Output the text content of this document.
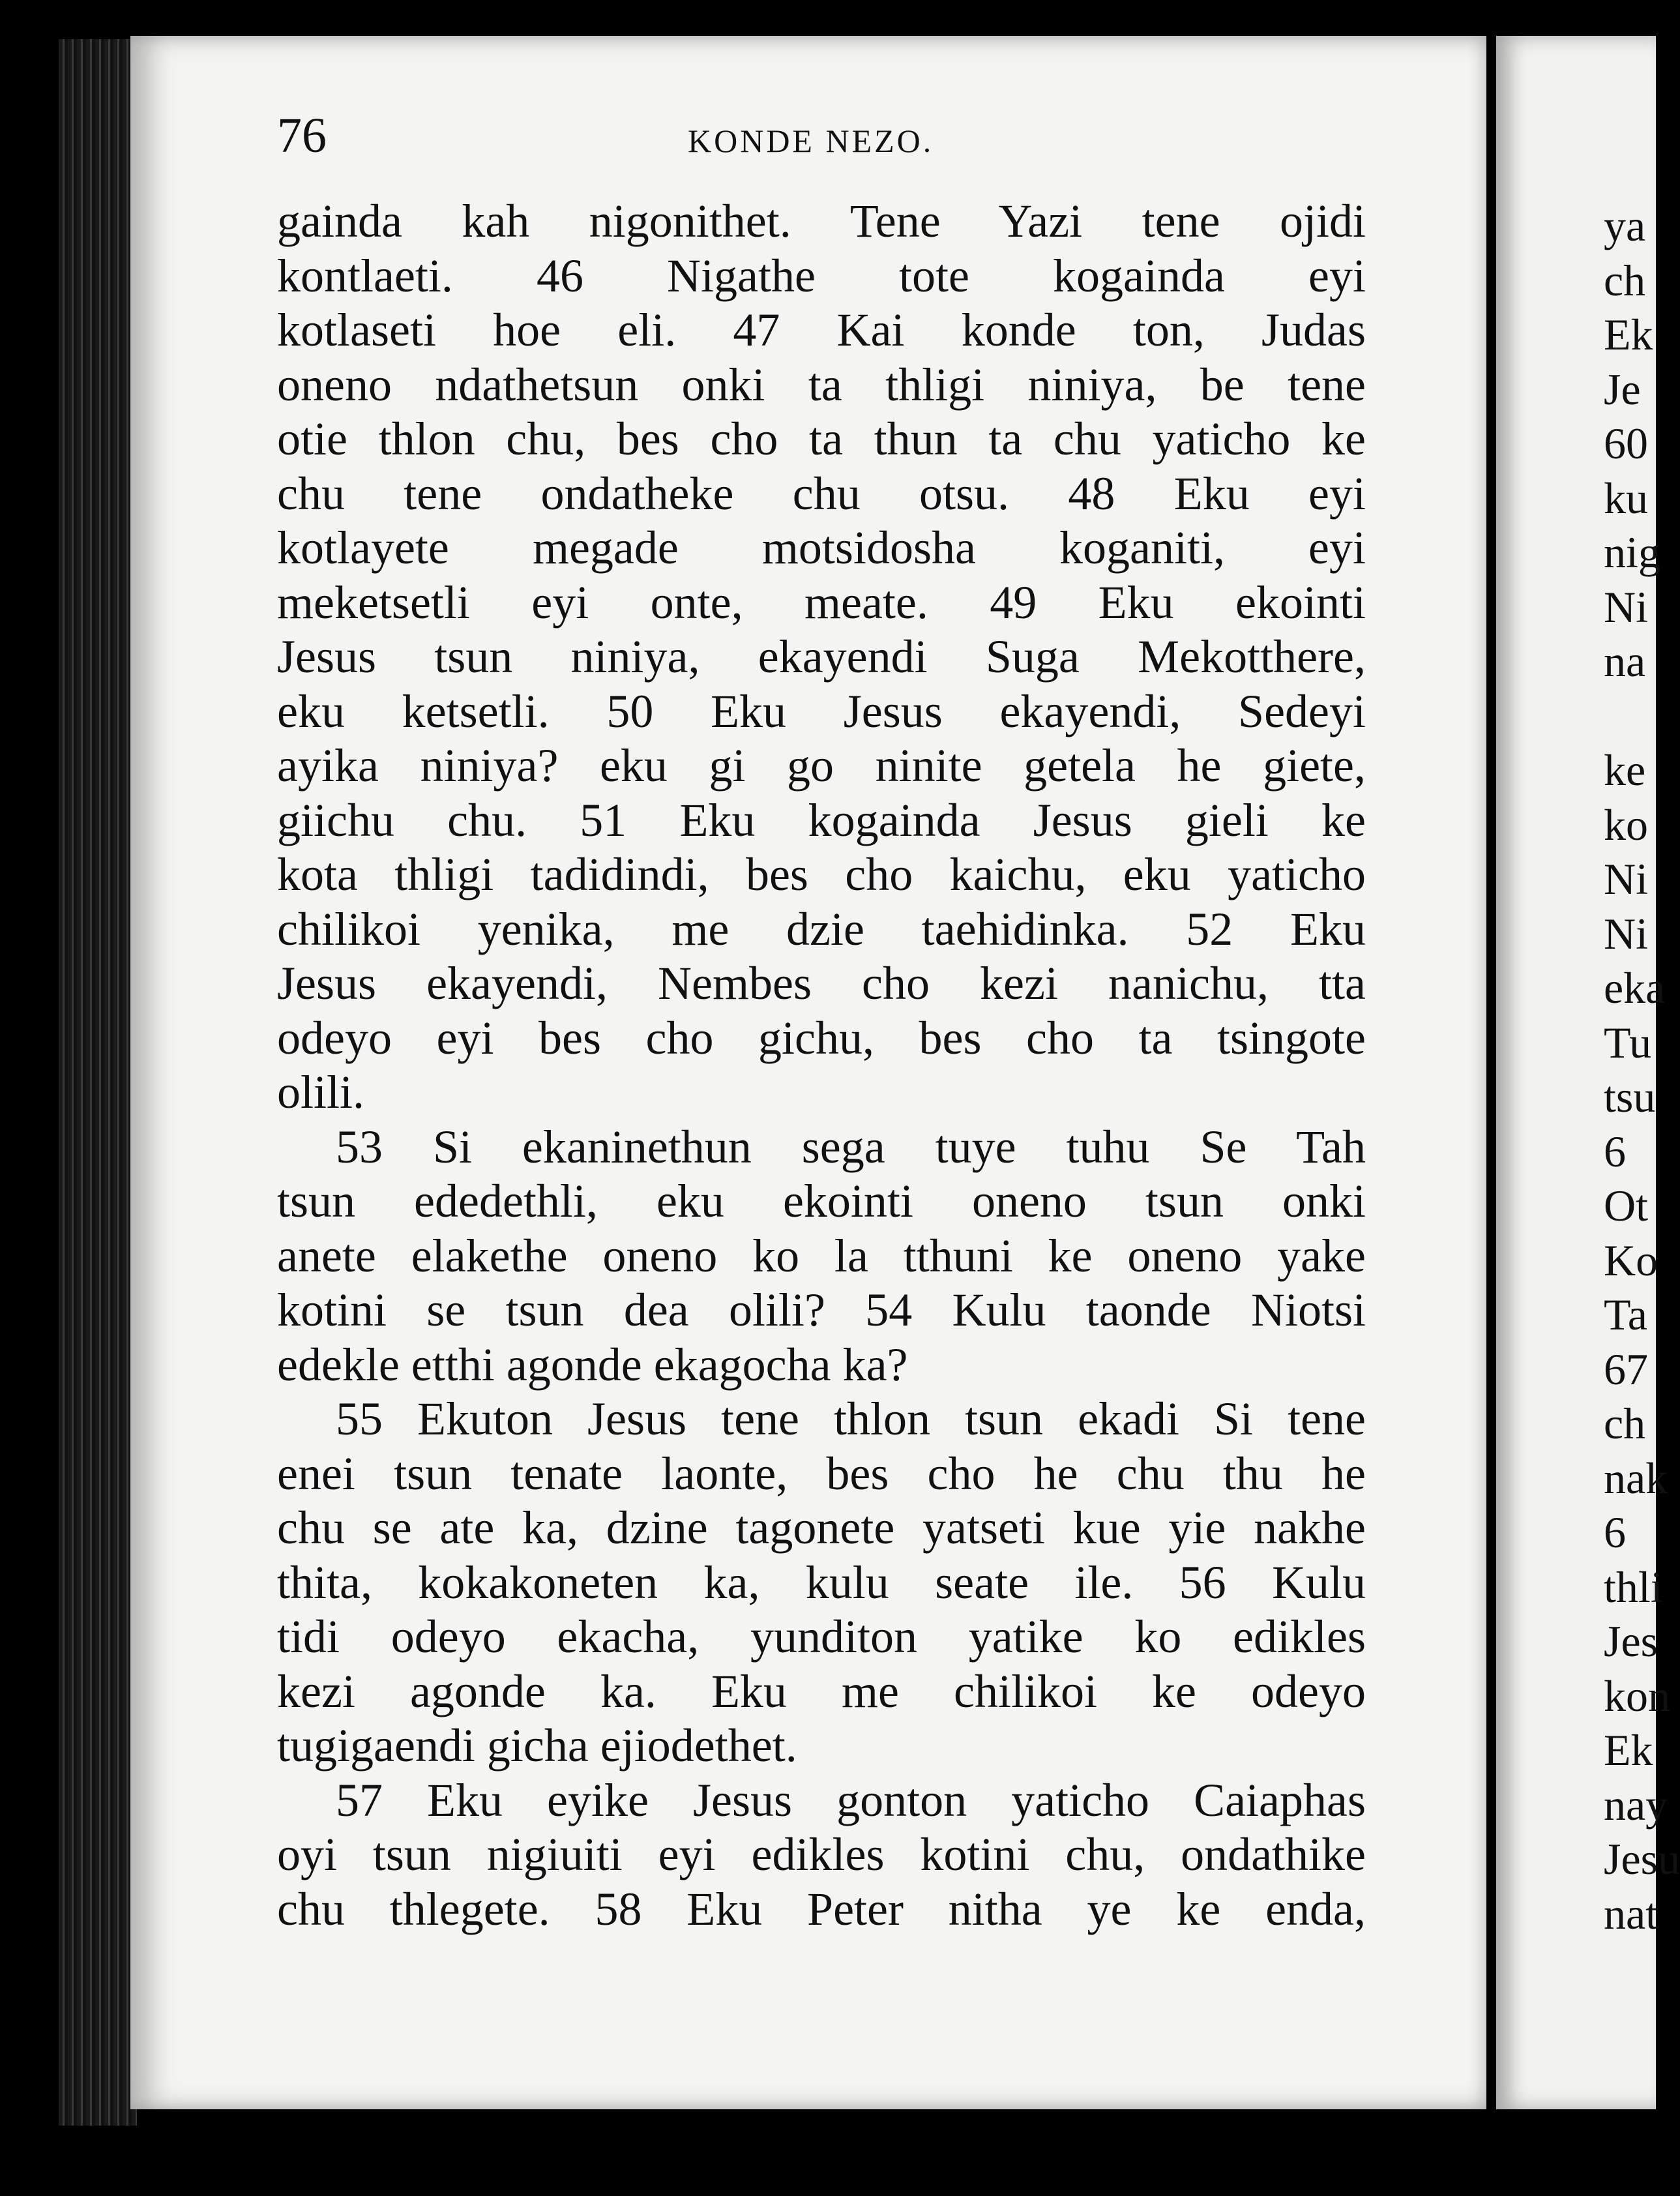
76	KONDE NEZO.
gainda kah nigonithet. Tene Yazi tene ojidi
kontlaeti. 46 Nigathe tote kogainda eyi
kotlaseti hoe eli. 47 Kai konde ton, Judas
oneno ndathetsun onki ta thligi niniya, be tene
otie thlon chu, bes cho ta thun ta chu yaticho ke
chu tene ondatheke chu otsu. 48 Eku eyi
kotlayete megade motsidosha koganiti, eyi
meketsetli eyi onte, meate. 49 Eku ekointi
Jesus tsun niniya, ekayendi Suga Mekotthere,
eku ketsetli. 50 Eku Jesus ekayendi, Sedeyi
ayika niniya? eku gi go ninite getela he giete,
giichu chu. 51 Eku kogainda Jesus gieli ke
kota thligi tadidindi, bes cho kaichu, eku yaticho
chilikoi yenika, me dzie taehidinka. 52 Eku
Jesus ekayendi, Nembes cho kezi nanichu, tta
odeyo eyi bes cho gichu, bes cho ta tsingote
olili.
53 Si ekaninethun sega tuye tuhu Se Tah
tsun ededethli, eku ekointi oneno tsun onki
anete elakethe oneno ko la tthuni ke oneno yake
kotini se tsun dea olili? 54 Kulu taonde Niotsi
edekle etthi agonde ekagocha ka?
55 Ekuton Jesus tene thlon tsun ekadi Si tene
enei tsun tenate laonte, bes cho he chu thu he
chu se ate ka, dzine tagonete yatseti kue yie nakhe
thita, kokakoneten ka, kulu seate ile. 56 Kulu
tidi odeyo ekacha, yunditon yatike ko edikles
kezi agonde ka. Eku me chilikoi ke odeyo
tugigaendi gicha ejiodethet.
57 Eku eyike Jesus gonton yaticho Caiaphas
oyi tsun nigiuiti eyi edikles kotini chu, ondathike
chu thlegete. 58 Eku Peter nitha ye ke enda,
ya
ch
Ek
Je
60
ku
nig
Ni
na
ke
ko
Ni
Ni
eka
Tu
tsu
6
Ot
Ko
Ta
67
ch
nak
6
thli
Jes
kon
Ek
nay
Jesu
nat
